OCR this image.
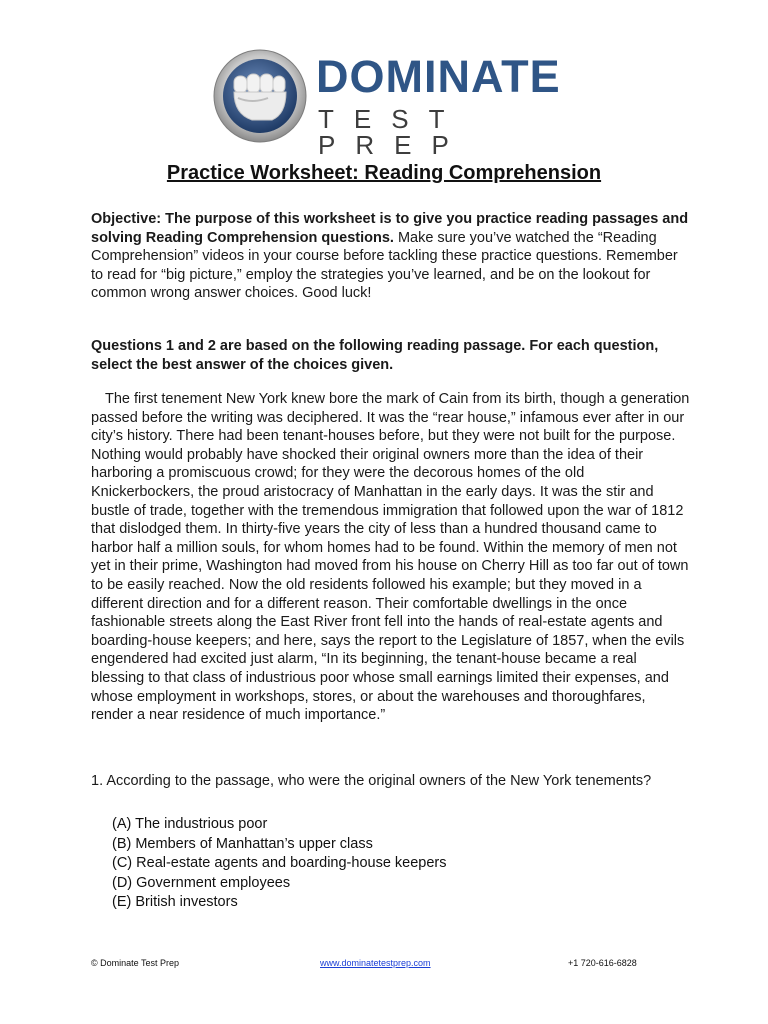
DOMINATE
TEST PREP
Practice Worksheet: Reading Comprehension
Objective: The purpose of this worksheet is to give you practice reading passages and solving Reading Comprehension questions. Make sure you’ve watched the “Reading Comprehension” videos in your course before tackling these practice questions. Remember to read for “big picture,” employ the strategies you’ve learned, and be on the lookout for common wrong answer choices. Good luck!
Questions 1 and 2 are based on the following reading passage. For each question, select the best answer of the choices given.

The first tenement New York knew bore the mark of Cain from its birth, though a generation passed before the writing was deciphered. It was the “rear house,” infamous ever after in our city’s history. There had been tenant-houses before, but they were not built for the purpose. Nothing would probably have shocked their original owners more than the idea of their harboring a promiscuous crowd; for they were the decorous homes of the old Knickerbockers, the proud aristocracy of Manhattan in the early days. It was the stir and bustle of trade, together with the tremendous immigration that followed upon the war of 1812 that dislodged them. In thirty-five years the city of less than a hundred thousand came to harbor half a million souls, for whom homes had to be found. Within the memory of men not yet in their prime, Washington had moved from his house on Cherry Hill as too far out of town to be easily reached. Now the old residents followed his example; but they moved in a different direction and for a different reason. Their comfortable dwellings in the once fashionable streets along the East River front fell into the hands of real-estate agents and boarding-house keepers; and here, says the report to the Legislature of 1857, when the evils engendered had excited just alarm, “In its beginning, the tenant-house became a real blessing to that class of industrious poor whose small earnings limited their expenses, and whose employment in workshops, stores, or about the warehouses and thoroughfares, render a near residence of much importance.”

1. According to the passage, who were the original owners of the New York tenements?
(A) The industrious poor
(B) Members of Manhattan’s upper class
(C) Real-estate agents and boarding-house keepers
(D) Government employees
(E) British investors
© Dominate Test Prep	www.dominatetestprep.com	+1 720-616-6828
